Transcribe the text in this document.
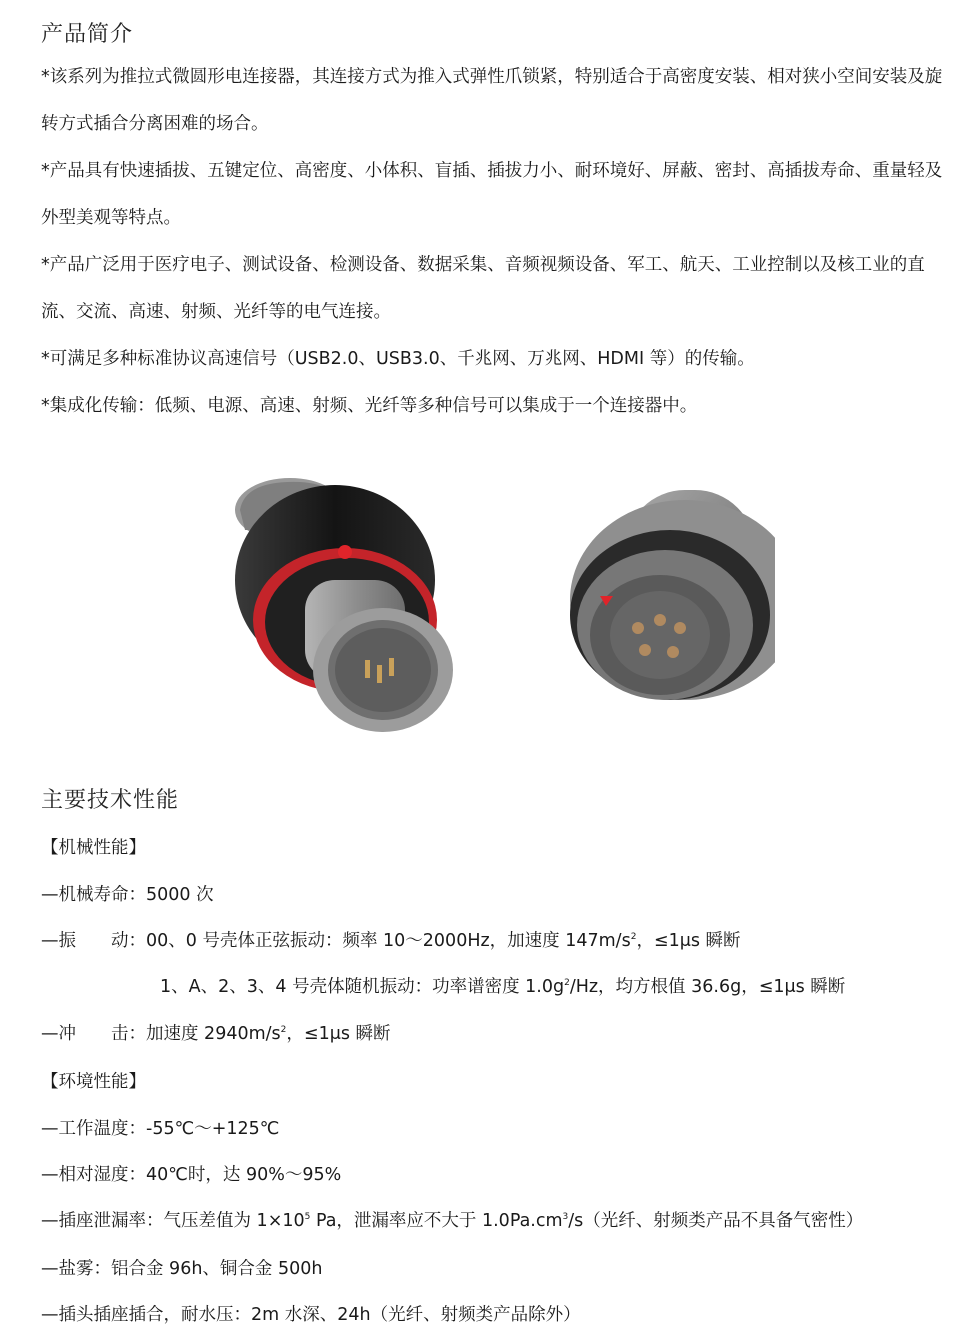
产品简介
*该系列为推拉式微圆形电连接器，其连接方式为推入式弹性爪锁紧，特别适合于高密度安装、相对狭小空间安装及旋转方式插合分离困难的场合。
*产品具有快速插拔、五键定位、高密度、小体积、盲插、插拔力小、耐环境好、屏蔽、密封、高插拔寿命、重量轻及外型美观等特点。
*产品广泛用于医疗电子、测试设备、检测设备、数据采集、音频视频设备、军工、航天、工业控制以及核工业的直流、交流、高速、射频、光纤等的电气连接。
*可满足多种标准协议高速信号（USB2.0、USB3.0、千兆网、万兆网、HDMI 等）的传输。
*集成化传输：低频、电源、高速、射频、光纤等多种信号可以集成于一个连接器中。
主要技术性能
【机械性能】
—机械寿命：5000 次
—振　　动：00、0 号壳体正弦振动：频率 10～2000Hz，加速度 $147m/s^2$，≤1μs 瞬断
1、A、2、3、4 号壳体随机振动：功率谱密度 $1.0g^2/Hz$，均方根值 36.6g，≤1μs 瞬断
—冲　　击：加速度 $2940m/s^2$，≤1μs 瞬断
【环境性能】
—工作温度：-55℃～+125℃
—相对湿度：40℃时，达 90%～95%
—插座泄漏率：气压差值为 $1\times 10^5$ Pa，泄漏率应不大于 $1.0Pa.cm^3/s$（光纤、射频类产品不具备气密性）
—盐雾：铝合金 96h、铜合金 500h
—插头插座插合，耐水压：2m 水深、24h（光纤、射频类产品除外）
